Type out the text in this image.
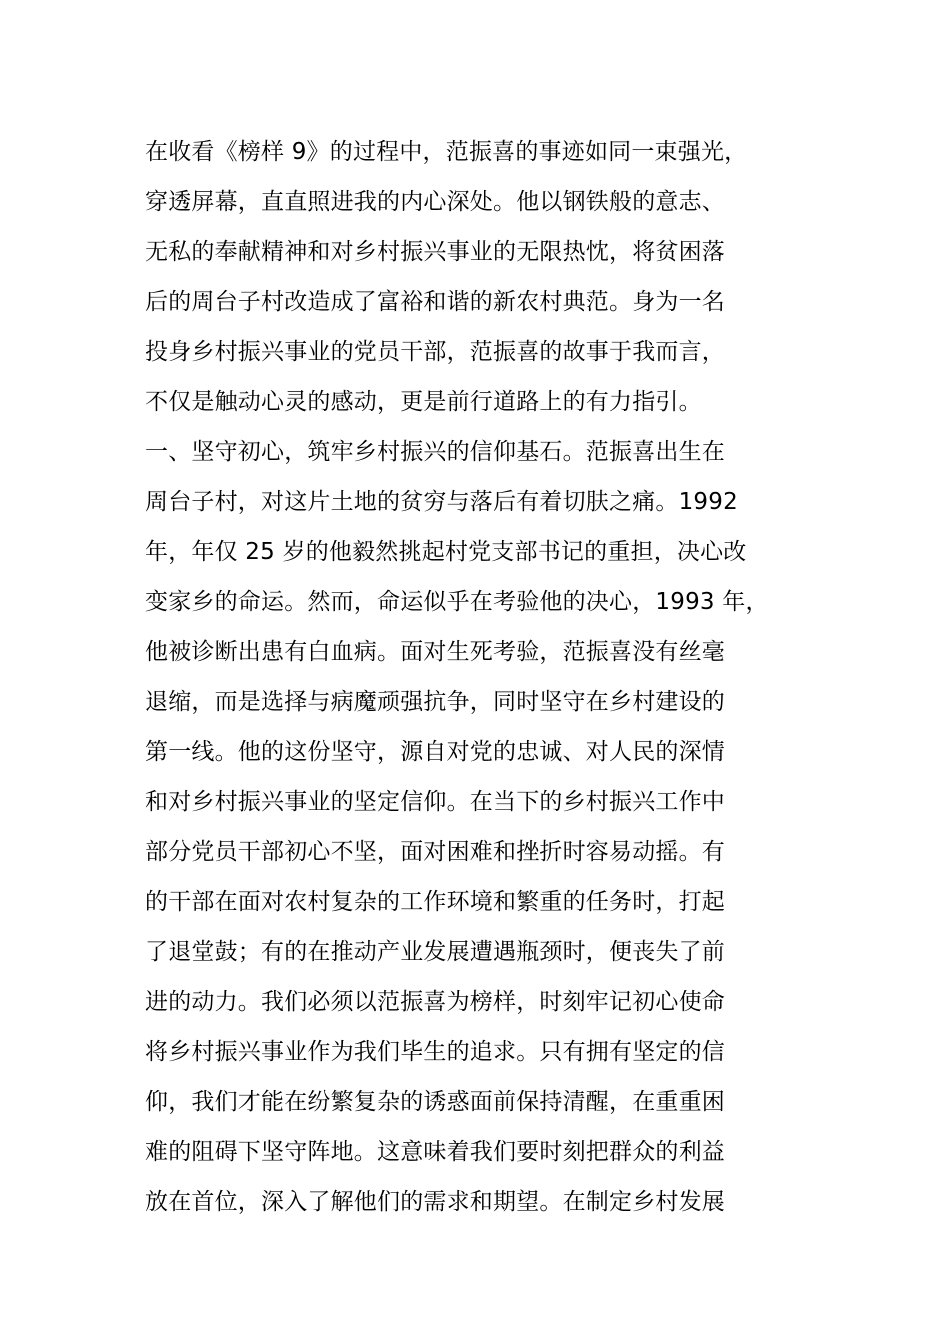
在收看《榜样 9》的过程中，范振喜的事迹如同一束强光，
穿透屏幕，直直照进我的内心深处。他以钢铁般的意志、
无私的奉献精神和对乡村振兴事业的无限热忱，将贫困落
后的周台子村改造成了富裕和谐的新农村典范。身为一名
投身乡村振兴事业的党员干部，范振喜的故事于我而言，
不仅是触动心灵的感动，更是前行道路上的有力指引。
一、坚守初心，筑牢乡村振兴的信仰基石。范振喜出生在
周台子村，对这片土地的贫穷与落后有着切肤之痛。1992
年，年仅 25 岁的他毅然挑起村党支部书记的重担，决心改
变家乡的命运。然而，命运似乎在考验他的决心，1993 年，
他被诊断出患有白血病。面对生死考验，范振喜没有丝毫
退缩，而是选择与病魔顽强抗争，同时坚守在乡村建设的
第一线。他的这份坚守，源自对党的忠诚、对人民的深情
和对乡村振兴事业的坚定信仰。在当下的乡村振兴工作中
部分党员干部初心不坚，面对困难和挫折时容易动摇。有
的干部在面对农村复杂的工作环境和繁重的任务时，打起
了退堂鼓；有的在推动产业发展遭遇瓶颈时，便丧失了前
进的动力。我们必须以范振喜为榜样，时刻牢记初心使命
将乡村振兴事业作为我们毕生的追求。只有拥有坚定的信
仰，我们才能在纷繁复杂的诱惑面前保持清醒，在重重困
难的阻碍下坚守阵地。这意味着我们要时刻把群众的利益
放在首位，深入了解他们的需求和期望。在制定乡村发展
